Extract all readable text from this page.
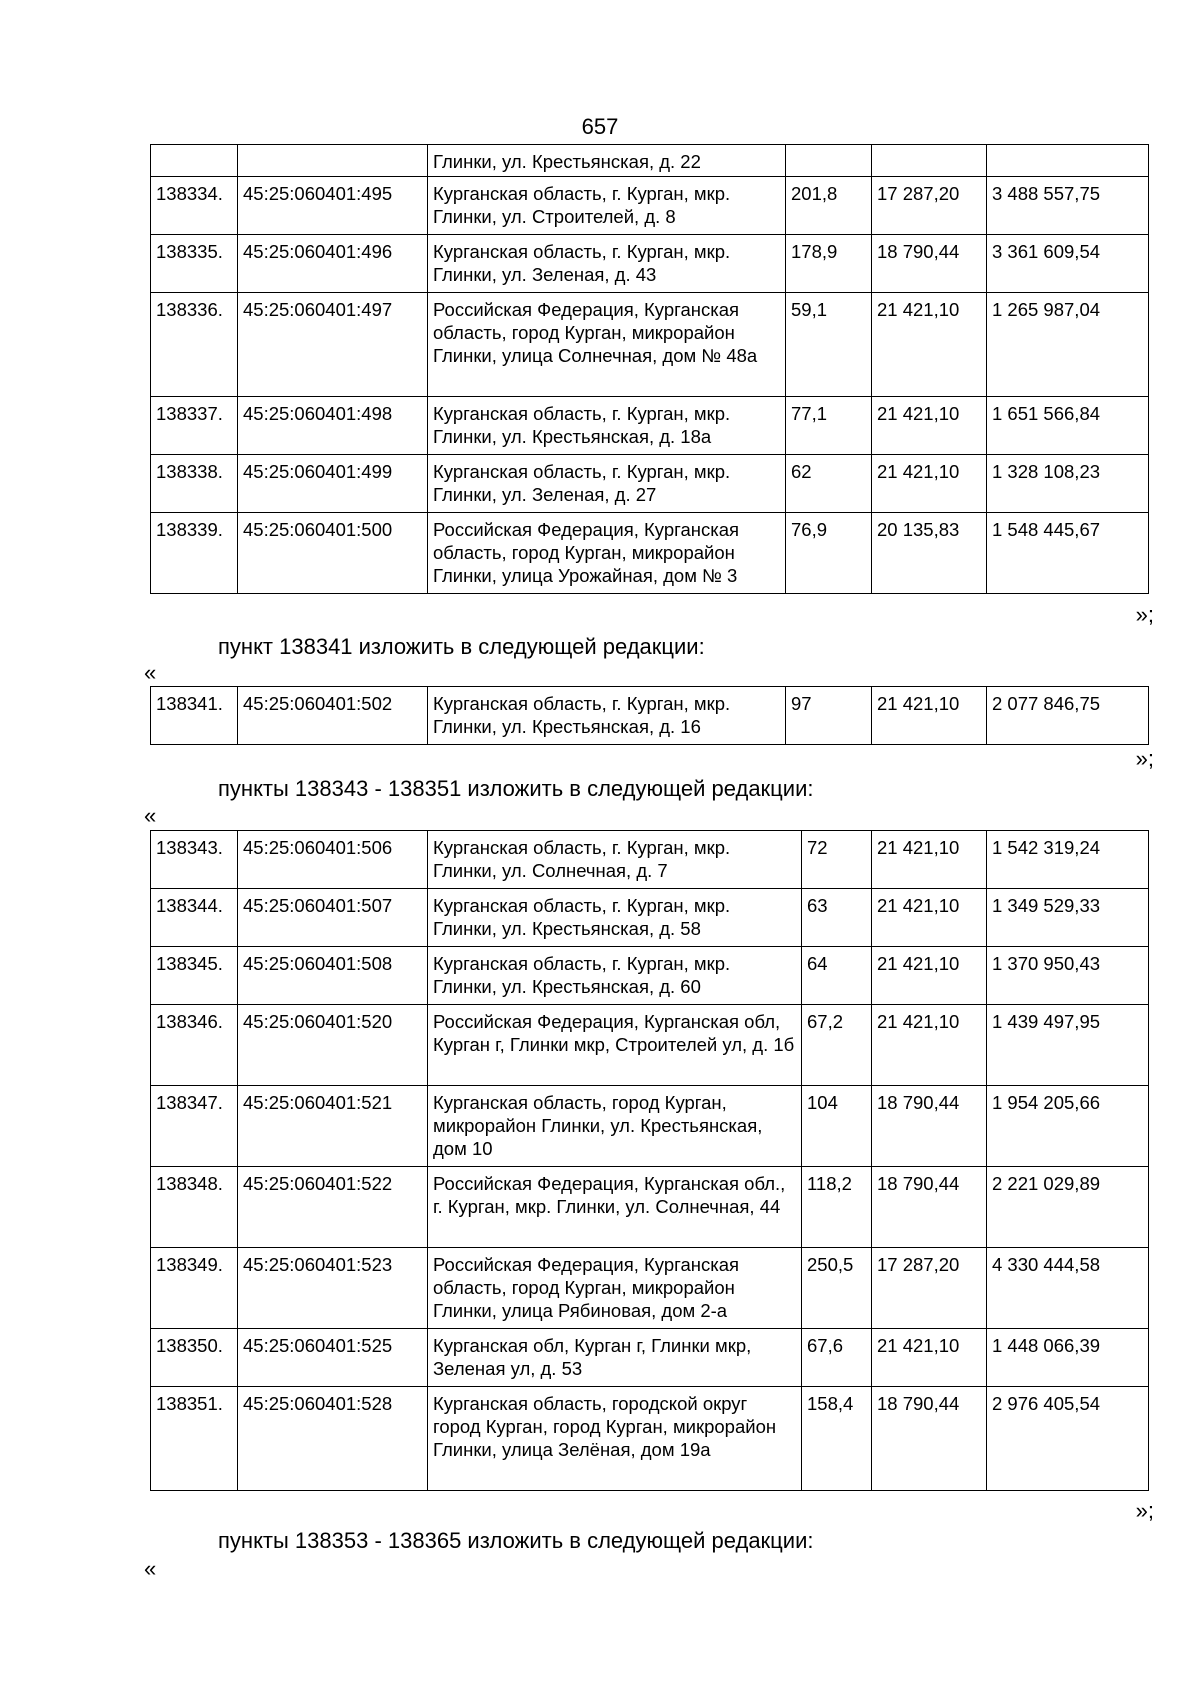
657
		Глинки, ул. Крестьянская, д. 22			
138334.	45:25:060401:495	Курганская область, г. Курган, мкр. Глинки, ул. Строителей, д. 8	201,8	17 287,20	3 488 557,75
138335.	45:25:060401:496	Курганская область, г. Курган, мкр. Глинки, ул. Зеленая, д. 43	178,9	18 790,44	3 361 609,54
138336.	45:25:060401:497	Российская Федерация, Курганская область, город Курган, микрорайон Глинки, улица Солнечная, дом № 48а	59,1	21 421,10	1 265 987,04
138337.	45:25:060401:498	Курганская область, г. Курган, мкр. Глинки, ул. Крестьянская, д. 18а	77,1	21 421,10	1 651 566,84
138338.	45:25:060401:499	Курганская область, г. Курган, мкр. Глинки, ул. Зеленая, д. 27	62	21 421,10	1 328 108,23
138339.	45:25:060401:500	Российская Федерация, Курганская область, город Курган, микрорайон Глинки, улица Урожайная, дом № 3	76,9	20 135,83	1 548 445,67
»;
пункт 138341 изложить в следующей редакции:
«
138341.	45:25:060401:502	Курганская область, г. Курган, мкр. Глинки, ул. Крестьянская, д. 16	97	21 421,10	2 077 846,75
»;
пункты 138343 - 138351 изложить в следующей редакции:
«
138343.	45:25:060401:506	Курганская область, г. Курган, мкр. Глинки, ул. Солнечная, д. 7	72	21 421,10	1 542 319,24
138344.	45:25:060401:507	Курганская область, г. Курган, мкр. Глинки, ул. Крестьянская, д. 58	63	21 421,10	1 349 529,33
138345.	45:25:060401:508	Курганская область, г. Курган, мкр. Глинки, ул. Крестьянская, д. 60	64	21 421,10	1 370 950,43
138346.	45:25:060401:520	Российская Федерация, Курганская обл, Курган г, Глинки мкр, Строителей ул, д. 1б	67,2	21 421,10	1 439 497,95
138347.	45:25:060401:521	Курганская область, город Курган, микрорайон Глинки, ул. Крестьянская, дом 10	104	18 790,44	1 954 205,66
138348.	45:25:060401:522	Российская Федерация, Курганская обл., г. Курган, мкр. Глинки, ул. Солнечная, 44	118,2	18 790,44	2 221 029,89
138349.	45:25:060401:523	Российская Федерация, Курганская область, город Курган, микрорайон Глинки, улица Рябиновая, дом 2-а	250,5	17 287,20	4 330 444,58
138350.	45:25:060401:525	Курганская обл, Курган г, Глинки мкр, Зеленая ул, д. 53	67,6	21 421,10	1 448 066,39
138351.	45:25:060401:528	Курганская область, городской округ город Курган, город Курган, микрорайон Глинки, улица Зелёная, дом 19а	158,4	18 790,44	2 976 405,54
»;
пункты 138353 - 138365 изложить в следующей редакции:
«
